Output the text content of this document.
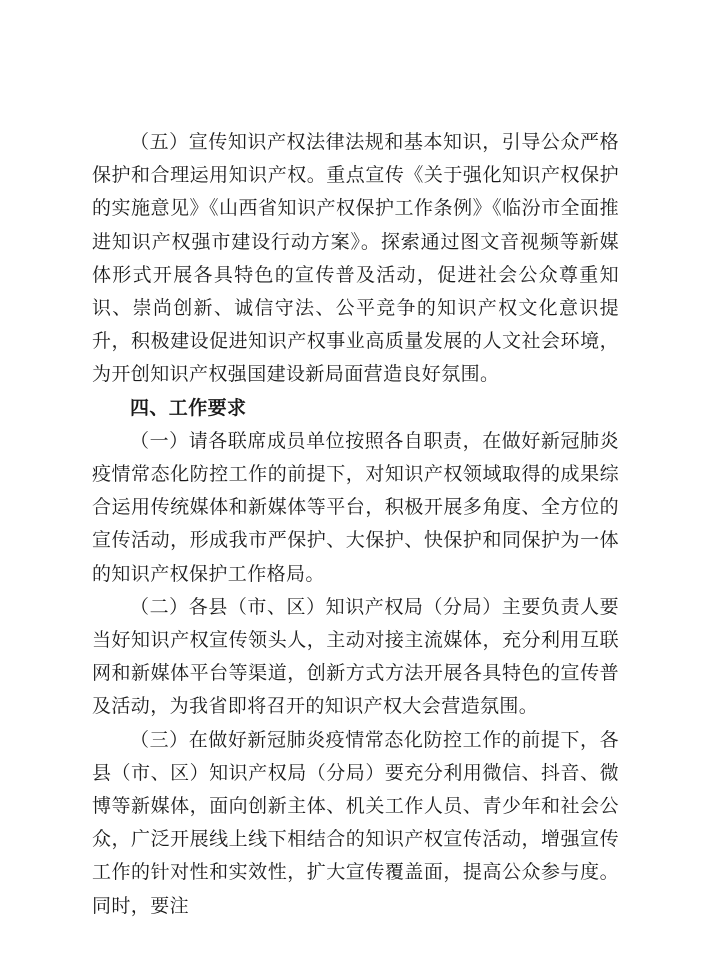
（五）宣传知识产权法律法规和基本知识，引导公众严格保护和合理运用知识产权。重点宣传《关于强化知识产权保护的实施意见》《山西省知识产权保护工作条例》《临汾市全面推进知识产权强市建设行动方案》。探索通过图文音视频等新媒体形式开展各具特色的宣传普及活动，促进社会公众尊重知识、崇尚创新、诚信守法、公平竞争的知识产权文化意识提升，积极建设促进知识产权事业高质量发展的人文社会环境，为开创知识产权强国建设新局面营造良好氛围。

四、工作要求

（一）请各联席成员单位按照各自职责，在做好新冠肺炎疫情常态化防控工作的前提下，对知识产权领域取得的成果综合运用传统媒体和新媒体等平台，积极开展多角度、全方位的宣传活动，形成我市严保护、大保护、快保护和同保护为一体的知识产权保护工作格局。

（二）各县（市、区）知识产权局（分局）主要负责人要当好知识产权宣传领头人，主动对接主流媒体，充分利用互联网和新媒体平台等渠道，创新方式方法开展各具特色的宣传普及活动，为我省即将召开的知识产权大会营造氛围。

（三）在做好新冠肺炎疫情常态化防控工作的前提下，各县（市、区）知识产权局（分局）要充分利用微信、抖音、微博等新媒体，面向创新主体、机关工作人员、青少年和社会公众，广泛开展线上线下相结合的知识产权宣传活动，增强宣传工作的针对性和实效性，扩大宣传覆盖面，提高公众参与度。同时，要注
